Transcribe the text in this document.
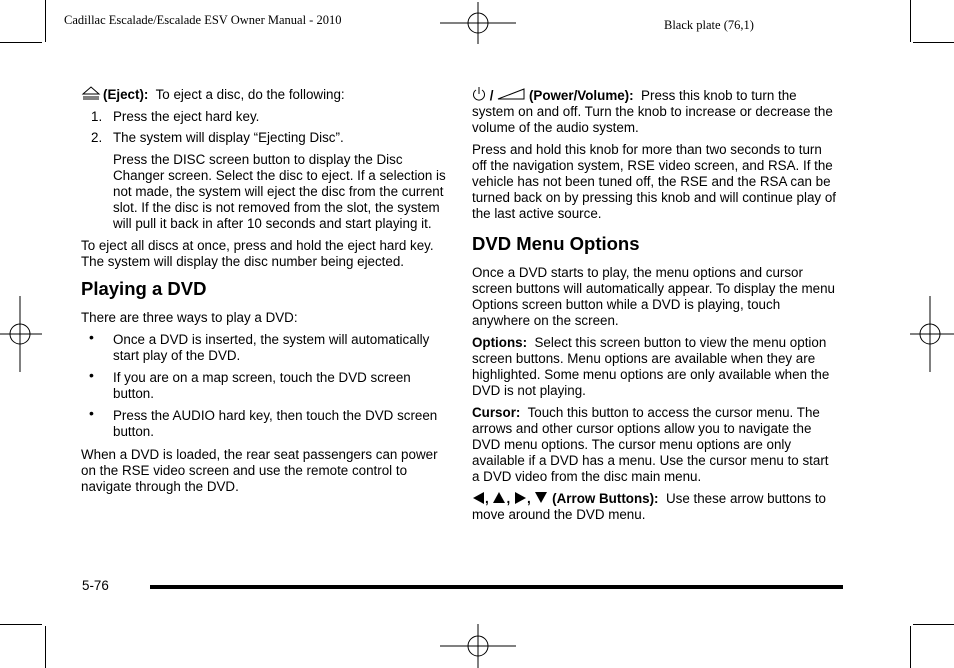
Cadillac Escalade/Escalade ESV Owner Manual - 2010	Black plate (76,1)
(Eject): To eject a disc, do the following:
1. Press the eject hard key.
2. The system will display “Ejecting Disc”.
Press the DISC screen button to display the Disc Changer screen. Select the disc to eject. If a selection is not made, the system will eject the disc from the current slot. If the disc is not removed from the slot, the system will pull it back in after 10 seconds and start playing it.
To eject all discs at once, press and hold the eject hard key. The system will display the disc number being ejected.
Playing a DVD
There are three ways to play a DVD:
• Once a DVD is inserted, the system will automatically start play of the DVD.
• If you are on a map screen, touch the DVD screen button.
• Press the AUDIO hard key, then touch the DVD screen button.
When a DVD is loaded, the rear seat passengers can power on the RSE video screen and use the remote control to navigate through the DVD.
/	(Power/Volume): Press this knob to turn the system on and off. Turn the knob to increase or decrease the volume of the audio system.
Press and hold this knob for more than two seconds to turn off the navigation system, RSE video screen, and RSA. If the vehicle has not been tuned off, the RSE and the RSA can be turned back on by pressing this knob and will continue play of the last active source.
DVD Menu Options
Once a DVD starts to play, the menu options and cursor screen buttons will automatically appear. To display the menu Options screen button while a DVD is playing, touch anywhere on the screen.
Options: Select this screen button to view the menu option screen buttons. Menu options are available when they are highlighted. Some menu options are only available when the DVD is not playing.
Cursor: Touch this button to access the cursor menu. The arrows and other cursor options allow you to navigate the DVD menu options. The cursor menu options are only available if a DVD has a menu. Use the cursor menu to start a DVD video from the disc main menu.
, , , (Arrow Buttons): Use these arrow buttons to move around the DVD menu.
5-76
